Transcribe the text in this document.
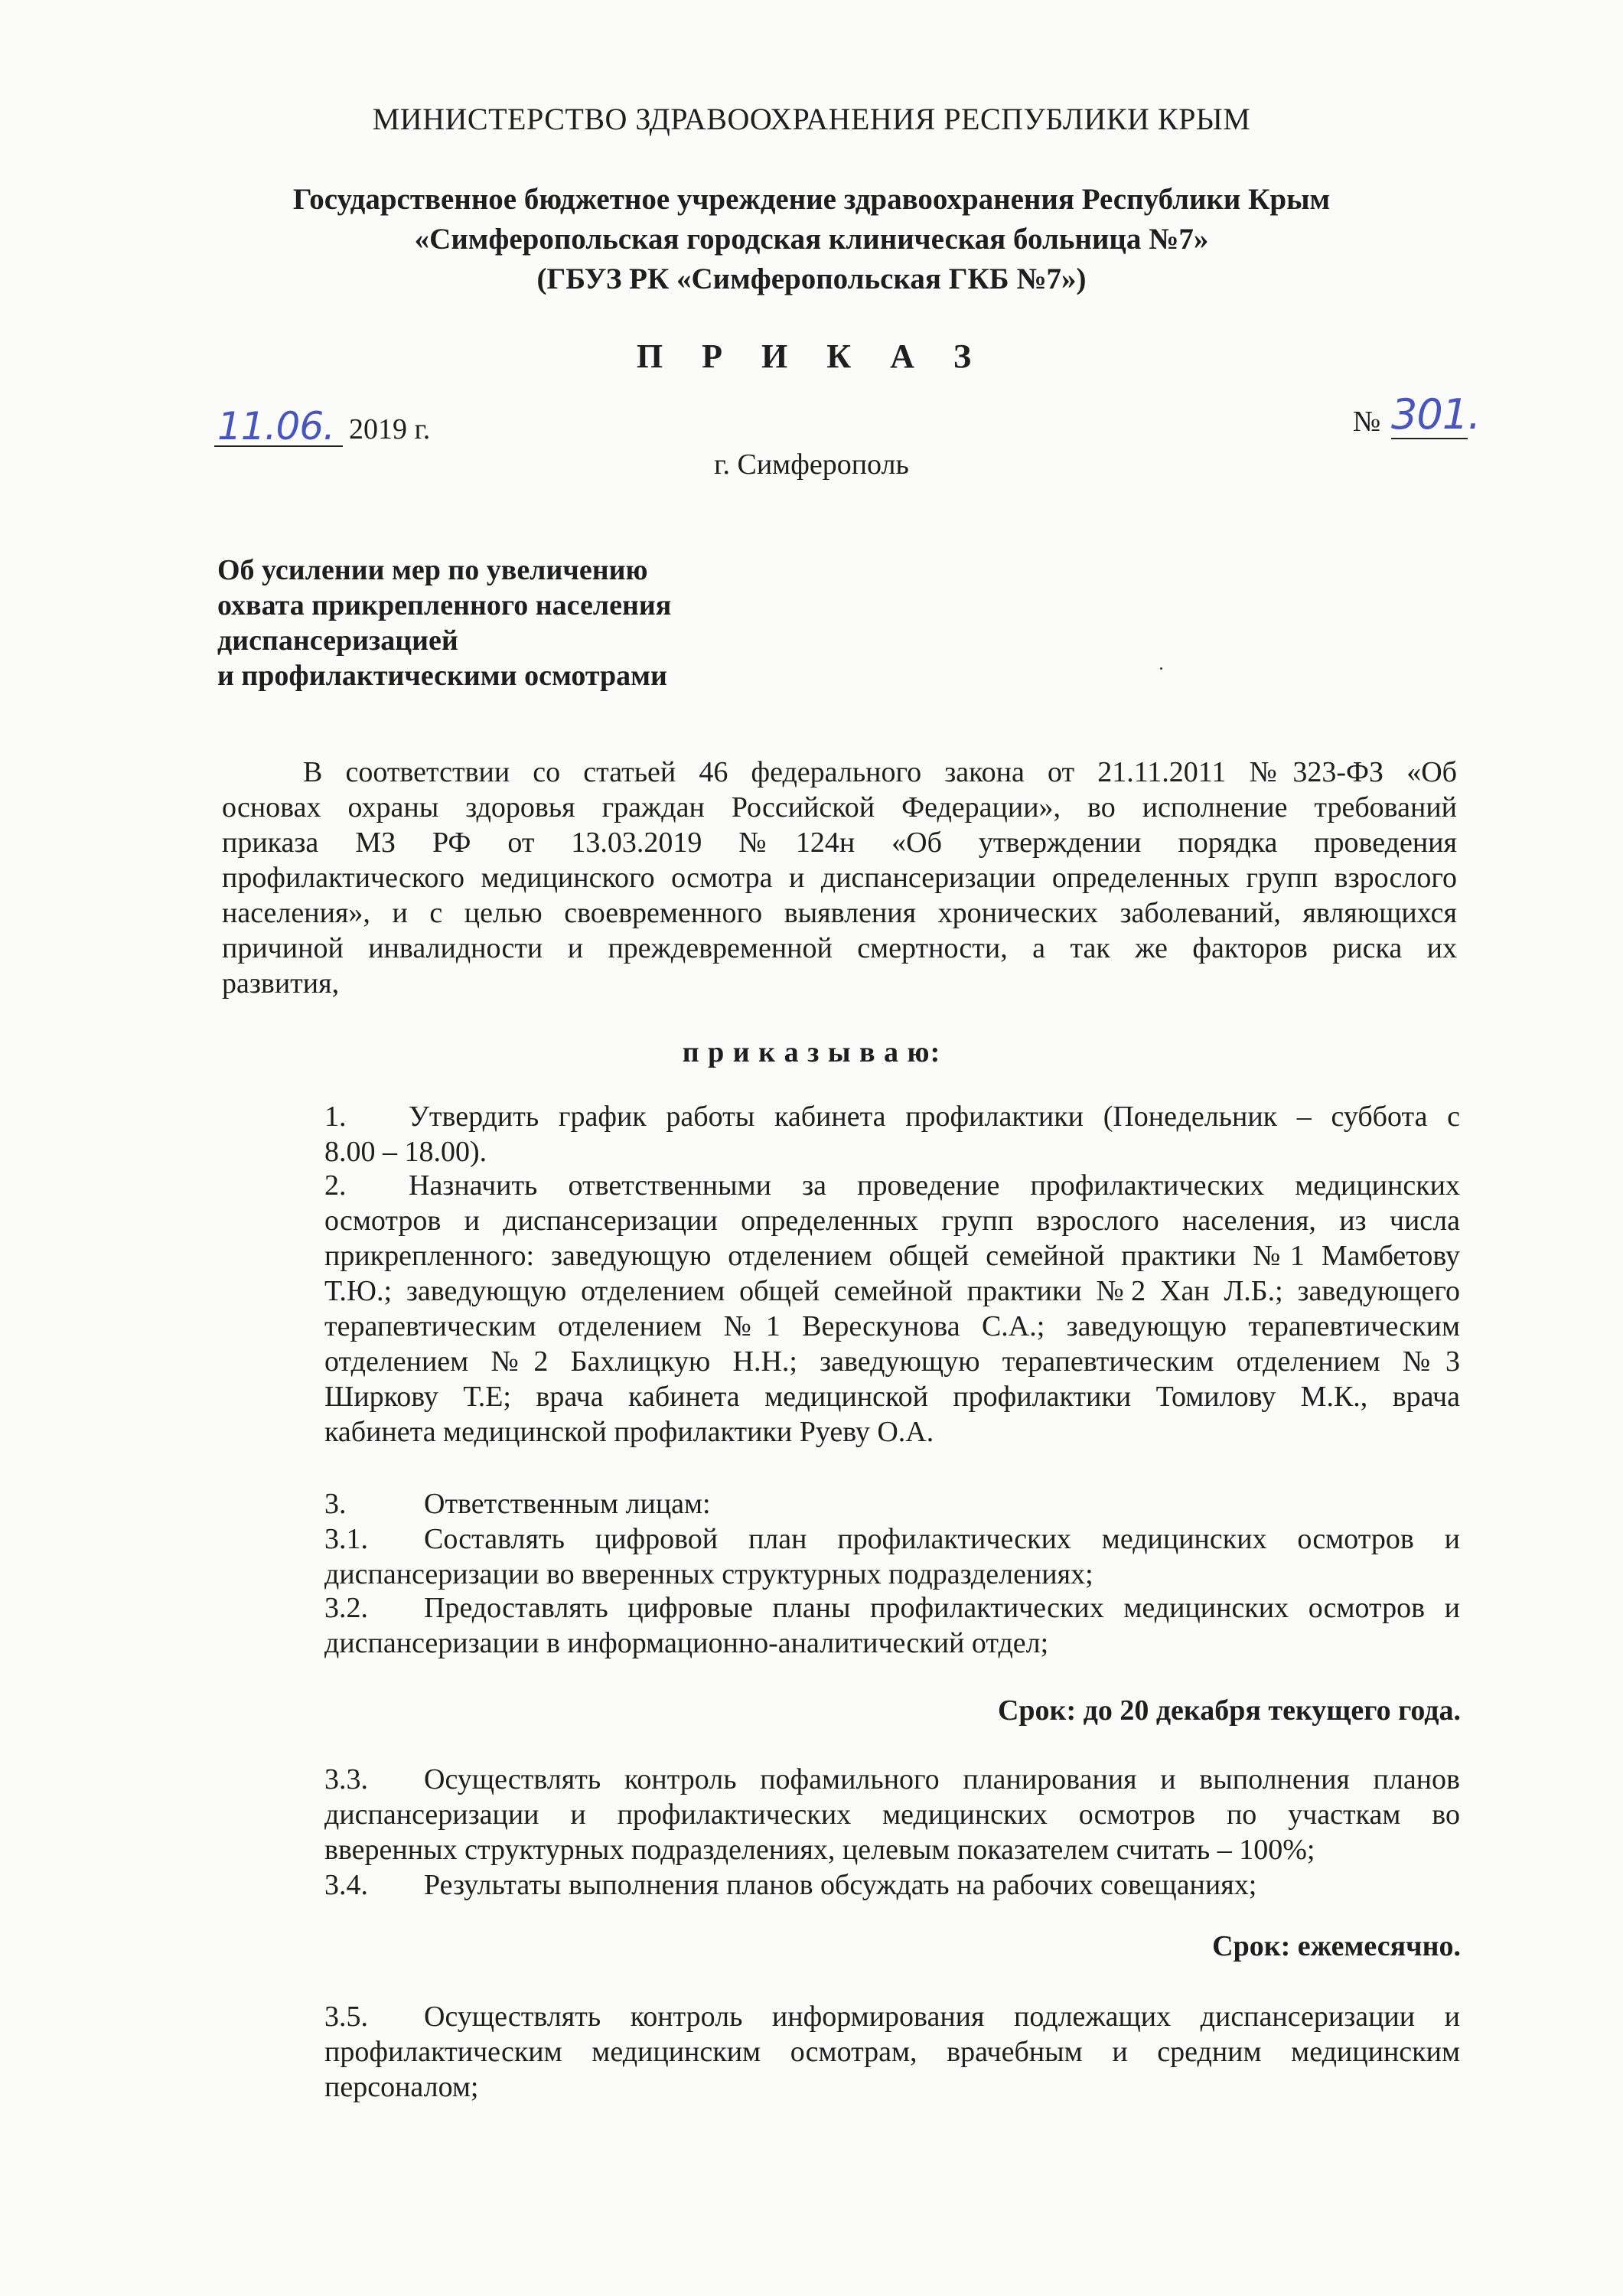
МИНИСТЕРСТВО ЗДРАВООХРАНЕНИЯ РЕСПУБЛИКИ КРЫМ
Государственное бюджетное учреждение здравоохранения Республики Крым
«Симферопольская городская клиническая больница №7»
(ГБУЗ РК «Симферопольская ГКБ №7»)
П Р И К А З
11.06. 2019 г.	№ 301.
г. Симферополь
Об усилении мер по увеличению
охвата прикрепленного населения
диспансеризацией
и профилактическими осмотрами
В соответствии со статьей 46 федерального закона от 21.11.2011 №323-ФЗ «Об
основах охраны здоровья граждан Российской Федерации», во исполнение требований
приказа МЗ РФ от 13.03.2019 №124н «Об утверждении порядка проведения
профилактического медицинского осмотра и диспансеризации определенных групп взрослого
населения», и с целью своевременного выявления хронических заболеваний, являющихся
причиной инвалидности и преждевременной смертности, а так же факторов риска их
развития,
п р и к а з ы в а ю:
1. Утвердить график работы кабинета профилактики (Понедельник – суббота с
8.00 – 18.00).
2. Назначить ответственными за проведение профилактических медицинских
осмотров и диспансеризации определенных групп взрослого населения, из числа
прикрепленного: заведующую отделением общей семейной практики №1 Мамбетову
Т.Ю.; заведующую отделением общей семейной практики №2 Хан Л.Б.; заведующего
терапевтическим отделением №1 Верескунова С.А.; заведующую терапевтическим
отделением №2 Бахлицкую Н.Н.; заведующую терапевтическим отделением №3
Ширкову Т.Е; врача кабинета медицинской профилактики Томилову М.К., врача
кабинета медицинской профилактики Руеву О.А.
3.	Ответственным лицам:
3.1. Составлять цифровой план профилактических медицинских осмотров и
диспансеризации во вверенных структурных подразделениях;
3.2. Предоставлять цифровые планы профилактических медицинских осмотров и
диспансеризации в информационно-аналитический отдел;
Срок: до 20 декабря текущего года.
3.3. Осуществлять контроль пофамильного планирования и выполнения планов
диспансеризации и профилактических медицинских осмотров по участкам во
вверенных структурных подразделениях, целевым показателем считать – 100%;
3.4. Результаты выполнения планов обсуждать на рабочих совещаниях;
Срок: ежемесячно.
3.5. Осуществлять контроль информирования подлежащих диспансеризации и
профилактическим медицинским осмотрам, врачебным и средним медицинским
персоналом;
